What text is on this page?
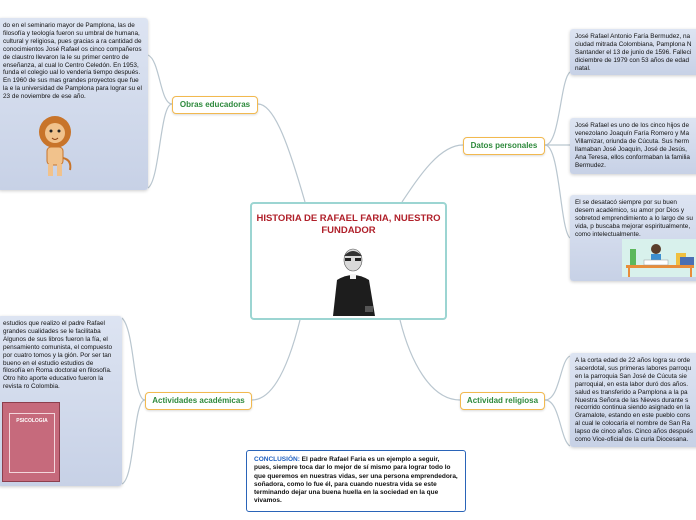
HISTORIA DE RAFAEL FARIA, NUESTRO FUNDADOR
Obras educadoras
Datos personales
Actividades académicas	Actividad religiosa

do en el seminario mayor de Pamplona, las de filosofía y teología fueron su umbral de humana, cultural y religiosa, pues gracias a ra cantidad de conocimientos José Rafael os cinco compañeros de claustro llevaron la le su primer centro de enseñanza, al cual lo Centro Celedón. En 1953, funda el colegio ual lo vendería tiempo después. En 1960 de sus mas grandes proyectos que fue la e la universidad de Pamplona para lograr su el 23 de noviembre de ese año.

estudios que realizo el padre Rafael grandes cualidades se le facilitaba Algunos de sus libros fueron la fía, el pensamiento comunista, el compuesto por cuatro tomos y la gión. Por ser tan bueno en el estudio estudios de filosofía en Roma doctoral en filosofía. Otro hito aporte educativo fueron la revista ro Colombia.

PSICOLOGIA

José Rafael Antonio Faría Bermudez, na ciudad mitrada Colombiana, Pamplona N Santander el 13 de junio de 1596. Falleci diciembre de 1979 con 53 años de edad natal.

José Rafael es uno de los cinco hijos de venezolano Joaquín Faría Romero y Ma Villamizar, oriunda de Cúcuta. Sus herm llamaban José Joaquín, José de Jesús, Ana Teresa, ellos conformaban la familia Bermudez.

El se desatacó siempre por su buen desem académico, su amor por Dios y sobretod emprendimiento a lo largo de su vida, p buscaba mejorar espiritualmente, como intelectualmente.

A la corta edad de 22 años logra su orde sacerdotal, sus primeras labores parroqu en la parroquia San José de Cúcuta sie parroquial, en esta labor duró dos años. salud es transferido a Pamplona a la pa Nuestra Señora de las Nieves durante s recorrido continua siendo asignado en la Gramalote, estando en este pueblo cons al cual le colocaría el nombre de San Ra lapso de cinco años. Cinco años después como Vice-oficial de la curia Diocesana.

CONCLUSIÓN: El padre Rafael Faria es un ejemplo a seguir, pues, siempre toca dar lo mejor de sí mismo para lograr todo lo que queremos en nuestras vidas, ser una persona emprendedora, soñadora, como lo fue él, para cuando nuestra vida se este terminando dejar una buena huella en la sociedad en la que vivamos.
